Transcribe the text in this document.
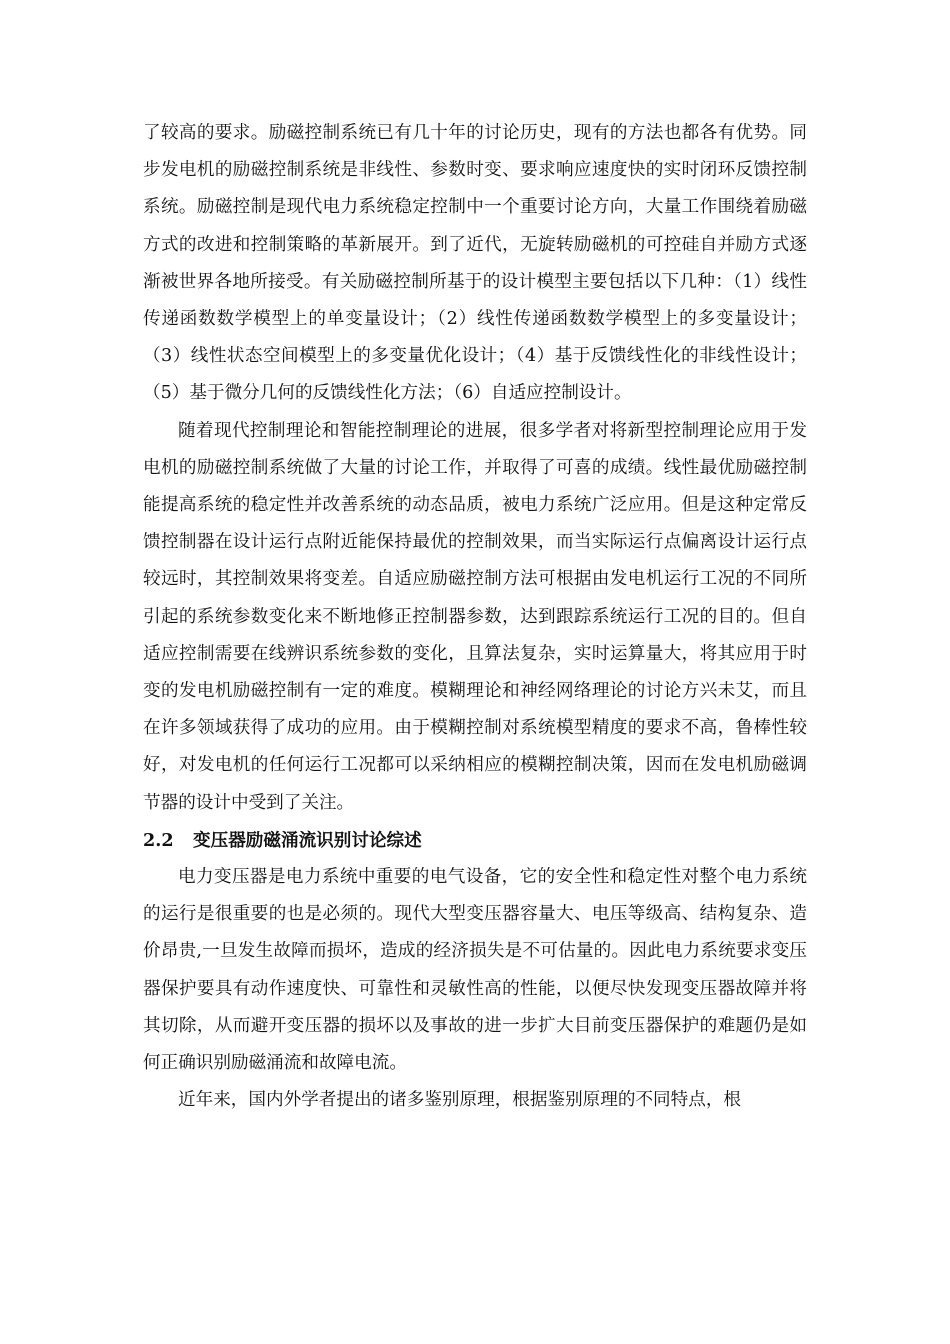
了较高的要求。励磁控制系统已有几十年的讨论历史，现有的方法也都各有优势。同步发电机的励磁控制系统是非线性、参数时变、要求响应速度快的实时闭环反馈控制系统。励磁控制是现代电力系统稳定控制中一个重要讨论方向，大量工作围绕着励磁方式的改进和控制策略的革新展开。到了近代，无旋转励磁机的可控硅自并励方式逐渐被世界各地所接受。有关励磁控制所基于的设计模型主要包括以下几种：（1）线性传递函数数学模型上的单变量设计；（2）线性传递函数数学模型上的多变量设计；（3）线性状态空间模型上的多变量优化设计；（4）基于反馈线性化的非线性设计；（5）基于微分几何的反馈线性化方法；（6）自适应控制设计。

随着现代控制理论和智能控制理论的进展，很多学者对将新型控制理论应用于发电机的励磁控制系统做了大量的讨论工作，并取得了可喜的成绩。线性最优励磁控制能提高系统的稳定性并改善系统的动态品质，被电力系统广泛应用。但是这种定常反馈控制器在设计运行点附近能保持最优的控制效果，而当实际运行点偏离设计运行点较远时，其控制效果将变差。自适应励磁控制方法可根据由发电机运行工况的不同所引起的系统参数变化来不断地修正控制器参数，达到跟踪系统运行工况的目的。但自适应控制需要在线辨识系统参数的变化，且算法复杂，实时运算量大，将其应用于时变的发电机励磁控制有一定的难度。模糊理论和神经网络理论的讨论方兴未艾，而且在许多领域获得了成功的应用。由于模糊控制对系统模型精度的要求不高，鲁棒性较好，对发电机的任何运行工况都可以采纳相应的模糊控制决策，因而在发电机励磁调节器的设计中受到了关注。

2.2 变压器励磁涌流识别讨论综述

电力变压器是电力系统中重要的电气设备，它的安全性和稳定性对整个电力系统的运行是很重要的也是必须的。现代大型变压器容量大、电压等级高、结构复杂、造价昂贵,一旦发生故障而损坏，造成的经济损失是不可估量的。因此电力系统要求变压器保护要具有动作速度快、可靠性和灵敏性高的性能，以便尽快发现变压器故障并将其切除，从而避开变压器的损坏以及事故的进一步扩大目前变压器保护的难题仍是如何正确识别励磁涌流和故障电流。

近年来，国内外学者提出的诸多鉴别原理，根据鉴别原理的不同特点，根
